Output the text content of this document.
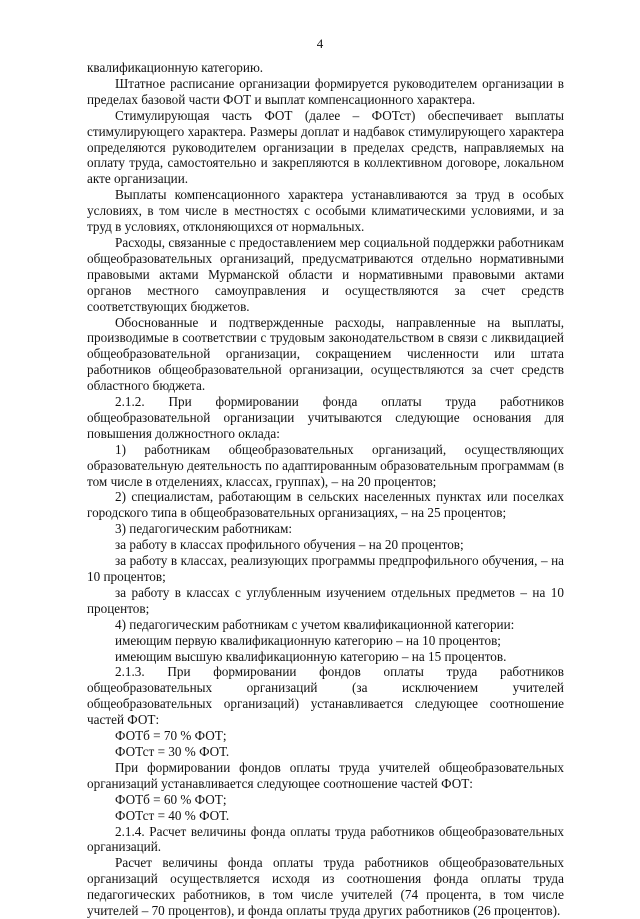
4

квалификационную категорию.

Штатное расписание организации формируется руководителем организации в пределах базовой части ФОТ и выплат компенсационного характера.

Стимулирующая часть ФОТ (далее – ФОТст) обеспечивает выплаты стимулирующего характера. Размеры доплат и надбавок стимулирующего характера определяются руководителем организации в пределах средств, направляемых на оплату труда, самостоятельно и закрепляются в коллективном договоре, локальном акте организации.

Выплаты компенсационного характера устанавливаются за труд в особых условиях, в том числе в местностях с особыми климатическими условиями, и за труд в условиях, отклоняющихся от нормальных.

Расходы, связанные с предоставлением мер социальной поддержки работникам общеобразовательных организаций, предусматриваются отдельно нормативными правовыми актами Мурманской области и нормативными правовыми актами органов местного самоуправления и осуществляются за счет средств соответствующих бюджетов.

Обоснованные и подтвержденные расходы, направленные на выплаты, производимые в соответствии с трудовым законодательством в связи с ликвидацией общеобразовательной организации, сокращением численности или штата работников общеобразовательной организации, осуществляются за счет средств областного бюджета.

2.1.2. При формировании фонда оплаты труда работников общеобразовательной организации учитываются следующие основания для повышения должностного оклада:

1) работникам общеобразовательных организаций, осуществляющих образовательную деятельность по адаптированным образовательным программам (в том числе в отделениях, классах, группах), – на 20 процентов;

2) специалистам, работающим в сельских населенных пунктах или поселках городского типа в общеобразовательных организациях, – на 25 процентов;

3) педагогическим работникам:

за работу в классах профильного обучения – на 20 процентов;

за работу в классах, реализующих программы предпрофильного обучения, – на 10 процентов;

за работу в классах с углубленным изучением отдельных предметов – на 10 процентов;

4) педагогическим работникам с учетом квалификационной категории:

имеющим первую квалификационную категорию – на 10 процентов;

имеющим высшую квалификационную категорию – на 15 процентов.

2.1.3. При формировании фондов оплаты труда работников общеобразовательных организаций (за исключением учителей общеобразовательных организаций) устанавливается следующее соотношение частей ФОТ:

ФОТб = 70 % ФОТ;

ФОТст = 30 % ФОТ.

При формировании фондов оплаты труда учителей общеобразовательных организаций устанавливается следующее соотношение частей ФОТ:

ФОТб = 60 % ФОТ;

ФОТст = 40 % ФОТ.

2.1.4. Расчет величины фонда оплаты труда работников общеобразовательных организаций.

Расчет величины фонда оплаты труда работников общеобразовательных организаций осуществляется исходя из соотношения фонда оплаты труда педагогических работников, в том числе учителей (74 процента, в том числе учителей – 70 процентов), и фонда оплаты труда других работников (26 процентов).
